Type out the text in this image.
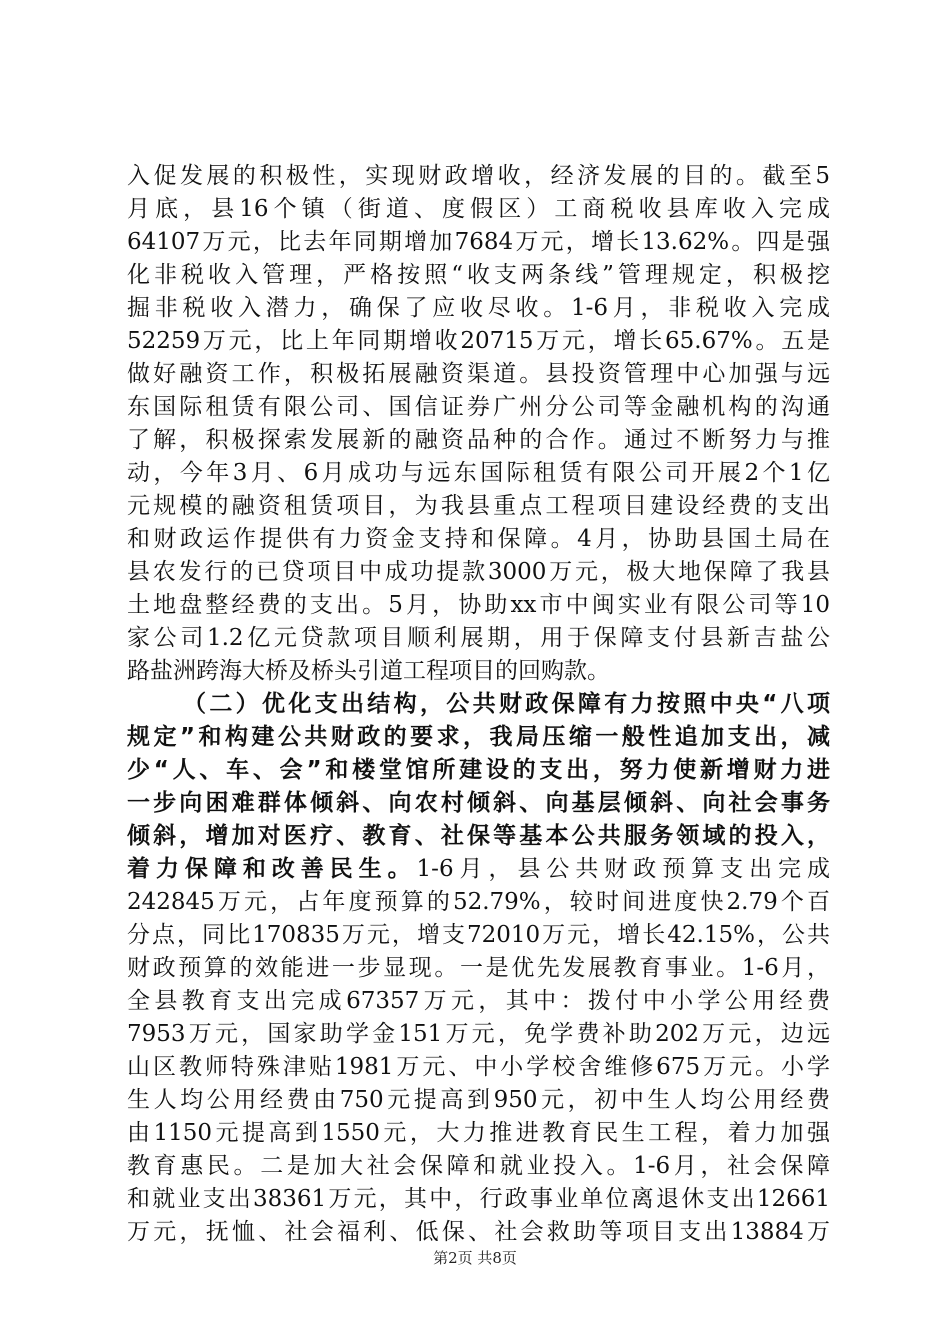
入促发展的积极性，实现财政增收，经济发展的目的。截至5
月底，县16个镇（街道、度假区）工商税收县库收入完成
64107万元，比去年同期增加7684万元，增长13.62%。四是强
化非税收入管理，严格按照“收支两条线”管理规定，积极挖
掘非税收入潜力，确保了应收尽收。1-6月，非税收入完成
52259万元，比上年同期增收20715万元，增长65.67%。五是
做好融资工作，积极拓展融资渠道。县投资管理中心加强与远
东国际租赁有限公司、国信证券广州分公司等金融机构的沟通
了解，积极探索发展新的融资品种的合作。通过不断努力与推
动，今年3月、6月成功与远东国际租赁有限公司开展2个1亿
元规模的融资租赁项目，为我县重点工程项目建设经费的支出
和财政运作提供有力资金支持和保障。4月，协助县国土局在
县农发行的已贷项目中成功提款3000万元，极大地保障了我县
土地盘整经费的支出。5月，协助xx市中闽实业有限公司等10
家公司1.2亿元贷款项目顺利展期，用于保障支付县新吉盐公
路盐洲跨海大桥及桥头引道工程项目的回购款。
（二）优化支出结构，公共财政保障有力按照中央“八项
规定”和构建公共财政的要求，我局压缩一般性追加支出，减
少“人、车、会”和楼堂馆所建设的支出，努力使新增财力进
一步向困难群体倾斜、向农村倾斜、向基层倾斜、向社会事务
倾斜，增加对医疗、教育、社保等基本公共服务领域的投入，
着力保障和改善民生。1-6月，县公共财政预算支出完成
242845万元，占年度预算的52.79%，较时间进度快2.79个百
分点，同比170835万元，增支72010万元，增长42.15%，公共
财政预算的效能进一步显现。一是优先发展教育事业。1-6月，
全县教育支出完成67357万元，其中：拨付中小学公用经费
7953万元，国家助学金151万元，免学费补助202万元，边远
山区教师特殊津贴1981万元、中小学校舍维修675万元。小学
生人均公用经费由750元提高到950元，初中生人均公用经费
由1150元提高到1550元，大力推进教育民生工程，着力加强
教育惠民。二是加大社会保障和就业投入。1-6月，社会保障
和就业支出38361万元，其中，行政事业单位离退休支出12661
万元，抚恤、社会福利、低保、社会救助等项目支出13884万
第2页 共8页
